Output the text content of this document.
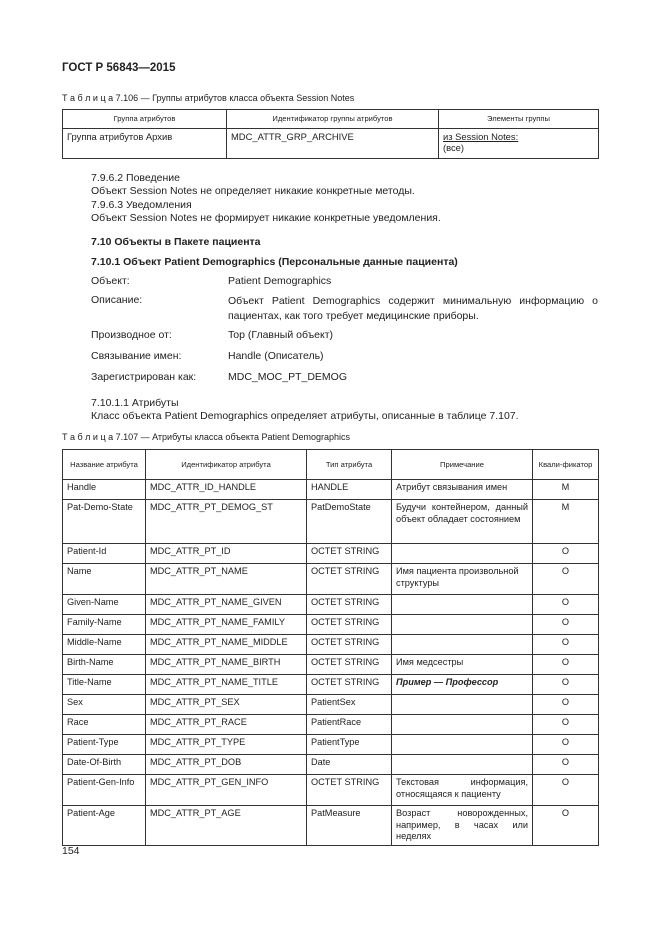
ГОСТ Р 56843—2015
Т а б л и ц а 7.106 — Группы атрибутов класса объекта Session Notes
Группа атрибутов	Идентификатор группы атрибутов	Элементы группы
Группа атрибутов Архив	MDC_ATTR_GRP_ARCHIVE	из Session Notes:
(все)
7.9.6.2 Поведение
Объект Session Notes не определяет никакие конкретные методы.
7.9.6.3 Уведомления
Объект Session Notes не формирует никакие конкретные уведомления.
7.10 Объекты в Пакете пациента
7.10.1 Объект Patient Demographics (Персональные данные пациента)
Объект:	Patient Demographics
Описание:	Объект Patient Demographics содержит минимальную информацию о пациентах, как того требует медицинские приборы.
Производное от:	Top (Главный объект)
Связывание имен:	Handle (Описатель)
Зарегистрирован как:	MDC_MOC_PT_DEMOG
7.10.1.1 Атрибуты
Класс объекта Patient Demographics определяет атрибуты, описанные в таблице 7.107.
Т а б л и ц а 7.107 — Атрибуты класса объекта Patient Demographics
Название атрибута	Идентификатор атрибута	Тип атрибута	Примечание	Квали-фикатор
Handle	MDC_ATTR_ID_HANDLE	HANDLE	Атрибут связывания имен	M
Pat-Demo-State	MDC_ATTR_PT_DEMOG_ST	PatDemoState	Будучи контейнером, данный объект обладает состоянием	M
Patient-Id	MDC_ATTR_PT_ID	OCTET STRING		O
Name	MDC_ATTR_PT_NAME	OCTET STRING	Имя пациента произвольной структуры	O
Given-Name	MDC_ATTR_PT_NAME_GIVEN	OCTET STRING		O
Family-Name	MDC_ATTR_PT_NAME_FAMILY	OCTET STRING		O
Middle-Name	MDC_ATTR_PT_NAME_MIDDLE	OCTET STRING		O
Birth-Name	MDC_ATTR_PT_NAME_BIRTH	OCTET STRING	Имя медсестры	O
Title-Name	MDC_ATTR_PT_NAME_TITLE	OCTET STRING	Пример — Профессор	O
Sex	MDC_ATTR_PT_SEX	PatientSex		O
Race	MDC_ATTR_PT_RACE	PatientRace		O
Patient-Type	MDC_ATTR_PT_TYPE	PatientType		O
Date-Of-Birth	MDC_ATTR_PT_DOB	Date		O
Patient-Gen-Info	MDC_ATTR_PT_GEN_INFO	OCTET STRING	Текстовая информация, относящаяся к пациенту	O
Patient-Age	MDC_ATTR_PT_AGE	PatMeasure	Возраст новорожденных, например, в часах или неделях	O
154
